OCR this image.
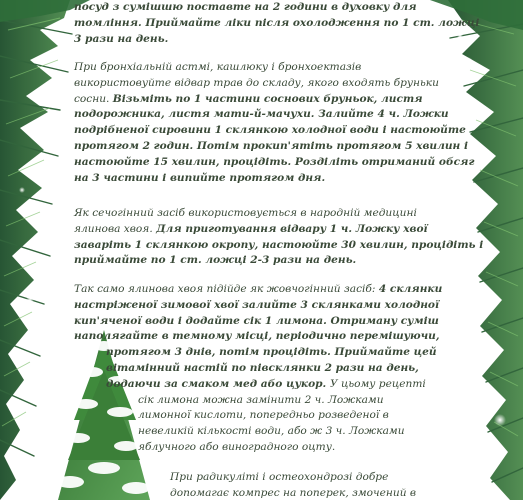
посуд з сумішшю поставте на 2 години в духовку для
томління. Приймайте ліки після охолодження по 1 ст. ложці
3 рази на день.
При бронхіальній астмі, кашлюку і бронхоектазів
використовуйте відвар трав до складу, якого входять бруньки
сосни. Візьміть по 1 частини соснових бруньок, листя
подорожника, листя мати-й-мачухи. Залийте 4 ч. Ложки
подрібненої сировини 1 склянкою холодної води і настоюйте
протягом 2 годин. Потім прокип'ятіть протягом 5 хвилин і
настоюйте 15 хвилин, процідіть. Розділіть отриманий обсяг
на 3 частини і випийте протягом дня.
Як сечогінний засіб використовується в народній медицині
ялинова хвоя. Для приготування відвару 1 ч. Ложку хвої
заваріть 1 склянкою окропу, настоюйте 30 хвилин, процідіть і
приймайте по 1 ст. ложці 2-3 рази на день.
Так само ялинова хвоя підійде як жовчогінний засіб: 4 склянки
настріженої зимової хвої залийте 3 склянками холодної
кип'яченої води і додайте сік 1 лимона. Отриману суміш
наполягайте в темному місці, періодично перемішуючи,
протягом 3 днів, потім процідіть. Приймайте цей
вітамінний настій по півсклянки 2 рази на день,
додаючи за смаком мед або цукор. У цьому рецепті
сік лимона можна замінити 2 ч. Ложками
лимонної кислоти, попередньо розведеної в
невеликій кількості води, або ж 3 ч. Ложками
яблучного або виноградного оцту.
При радикуліті і остеохондрозі добре
допомагає компрес на поперек, змочений в
